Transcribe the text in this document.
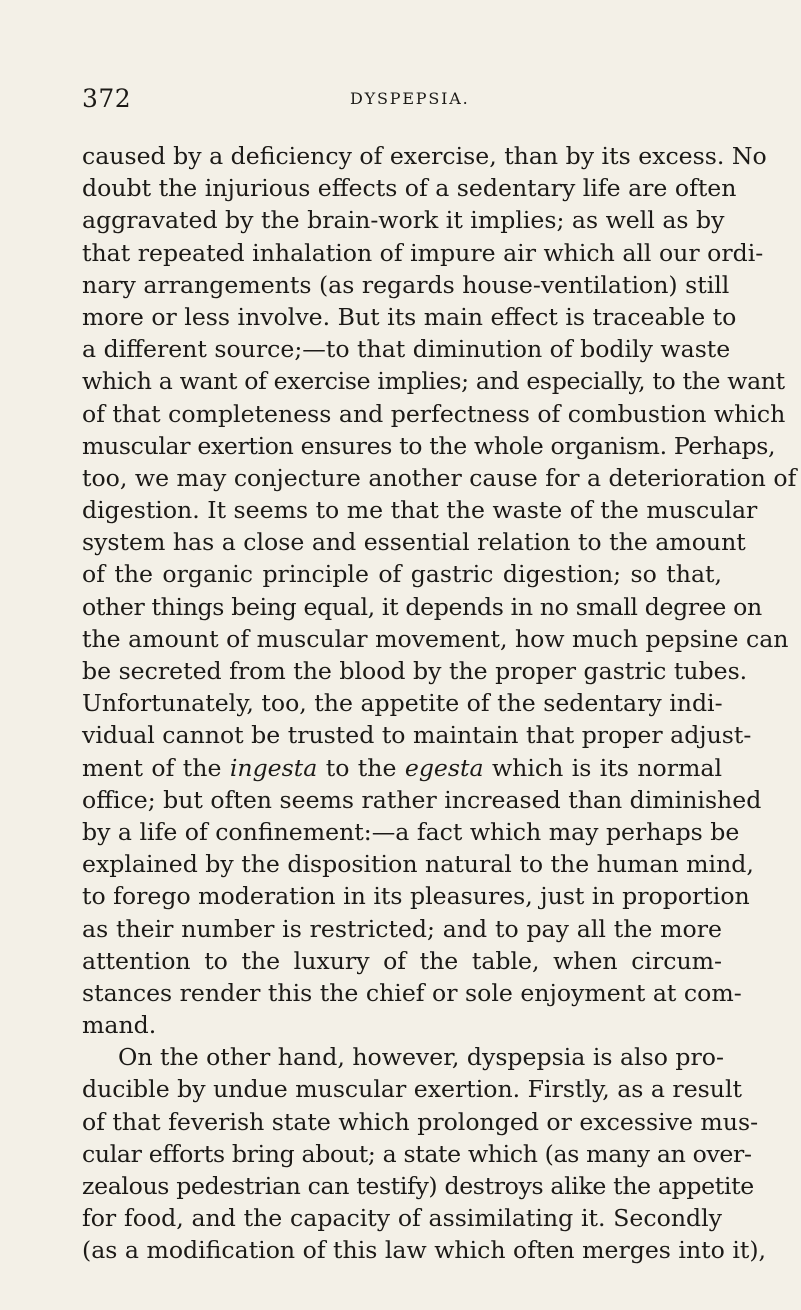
372	DYSPEPSIA.
caused by a deficiency of exercise, than by its excess. No
doubt the injurious effects of a sedentary life are often
aggravated by the brain-work it implies; as well as by
that repeated inhalation of impure air which all our ordi-
nary arrangements (as regards house-ventilation) still
more or less involve. But its main effect is traceable to
a different source;—to that diminution of bodily waste
which a want of exercise implies; and especially, to the want
of that completeness and perfectness of combustion which
muscular exertion ensures to the whole organism. Perhaps,
too, we may conjecture another cause for a deterioration of
digestion. It seems to me that the waste of the muscular
system has a close and essential relation to the amount
of the organic principle of gastric digestion; so that,
other things being equal, it depends in no small degree on
the amount of muscular movement, how much pepsine can
be secreted from the blood by the proper gastric tubes.
Unfortunately, too, the appetite of the sedentary indi-
vidual cannot be trusted to maintain that proper adjust-
ment of the ingesta to the egesta which is its normal
office; but often seems rather increased than diminished
by a life of confinement:—a fact which may perhaps be
explained by the disposition natural to the human mind,
to forego moderation in its pleasures, just in proportion
as their number is restricted; and to pay all the more
attention to the luxury of the table, when circum-
stances render this the chief or sole enjoyment at com-
mand.
On the other hand, however, dyspepsia is also pro-
ducible by undue muscular exertion. Firstly, as a result
of that feverish state which prolonged or excessive mus-
cular efforts bring about; a state which (as many an over-
zealous pedestrian can testify) destroys alike the appetite
for food, and the capacity of assimilating it. Secondly
(as a modification of this law which often merges into it),
